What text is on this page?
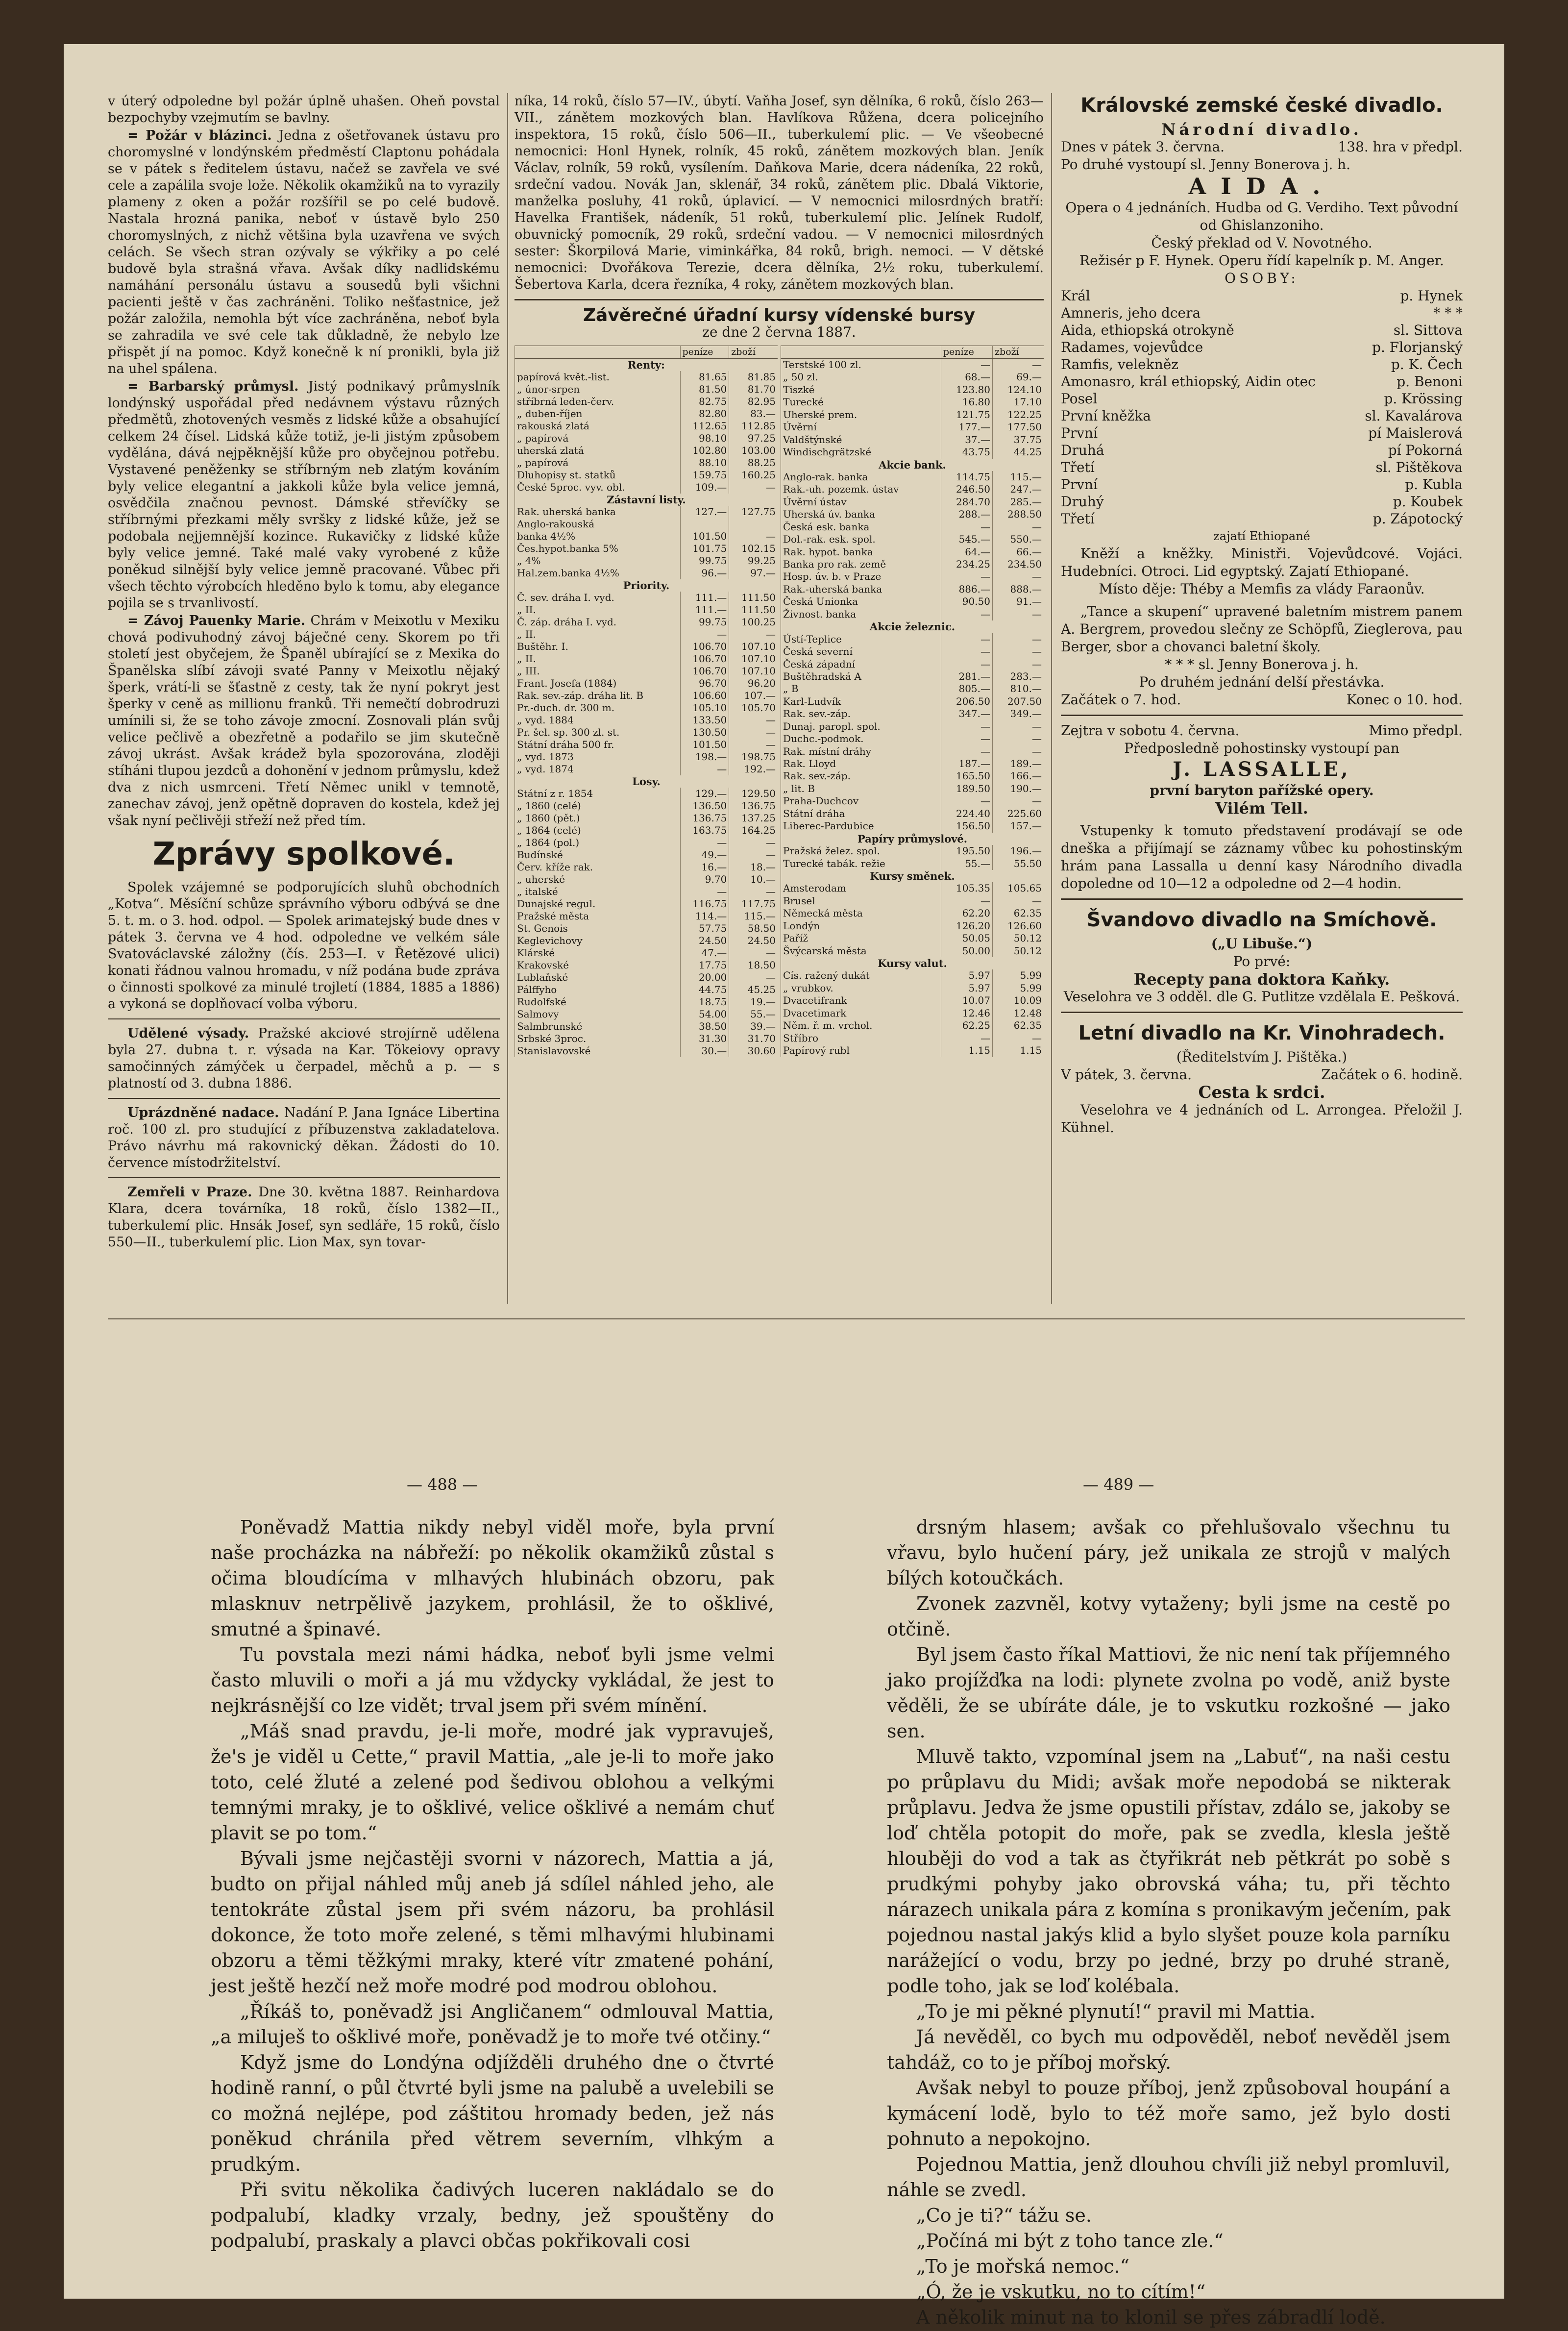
v úterý odpoledne byl požár úplně uhašen. Oheň povstal bezpochyby vzejmutím se bavlny.

= Požár v blázinci. Jedna z ošetřovanek ústavu pro choromyslné v londýnském předměstí Claptonu pohádala se v pátek s ředitelem ústavu, načež se zavřela ve své cele a zapálila svoje lože. Několik okamžiků na to vyrazily plameny z oken a požár rozšířil se po celé budově. Nastala hrozná panika, neboť v ústavě bylo 250 choromyslných, z nichž většina byla uzavřena ve svých celách. Se všech stran ozývaly se výkřiky a po celé budově byla strašná vřava. Avšak díky nadlidskému namáhání personálu ústavu a sousedů byli všichni pacienti ještě v čas zachráněni. Toliko nešťastnice, jež požár založila, nemohla být více zachráněna, neboť byla se zahradila ve své cele tak důkladně, že nebylo lze přispět jí na pomoc. Když konečně k ní pronikli, byla již na uhel spálena.

= Barbarský průmysl. Jistý podnikavý průmyslník londýnský uspořádal před nedávnem výstavu různých předmětů, zhotovených vesměs z lidské kůže a obsahující celkem 24 čísel. Lidská kůže totiž, je-li jistým způsobem vydělána, dává nejpěknější kůže pro obyčejnou potřebu. Vystavené peněženky se stříbrným neb zlatým kováním byly velice elegantní a jakkoli kůže byla velice jemná, osvědčila značnou pevnost. Dámské střevíčky se stříbrnými přezkami měly svršky z lidské kůže, jež se podobala nejjemnější kozince. Rukavičky z lidské kůže byly velice jemné. Také malé vaky vyrobené z kůže poněkud silnější byly velice jemně pracované. Vůbec při všech těchto výrobcích hleděno bylo k tomu, aby elegance pojila se s trvanlivostí.

= Závoj Pauenky Marie. Chrám v Meixotlu v Mexiku chová podivuhodný závoj báječné ceny. Skorem po tři století jest obyčejem, že Španěl ubírající se z Mexika do Španělska slíbí závoji svaté Panny v Meixotlu nějaký šperk, vrátí-li se šťastně z cesty, tak že nyní pokryt jest šperky v ceně as millionu franků. Tři nemečtí dobrodruzi umínili si, že se toho závoje zmocní. Zosnovali plán svůj velice pečlivě a obezřetně a podařilo se jim skutečně závoj ukrást. Avšak krádež byla spozorována, zloději stíháni tlupou jezdců a dohonění v jednom průmyslu, kdež dva z nich usmrceni. Třetí Němec unikl v temnotě, zanechav závoj, jenž opětně dopraven do kostela, kdež jej však nyní pečlivěji střeží než před tím.

Zprávy spolkové.

Spolek vzájemné se podporujících sluhů obchodních „Kotva“. Měsíční schůze správního výboru odbývá se dne 5. t. m. o 3. hod. odpol. — Spolek arimatejský bude dnes v pátek 3. června ve 4 hod. odpoledne ve velkém sále Svatováclavské záložny (čís. 253—I. v Řetězové ulici) konati řádnou valnou hromadu, v níž podána bude zpráva o činnosti spolkové za minulé trojletí (1884, 1885 a 1886) a vykoná se doplňovací volba výboru.

Udělené výsady. Pražské akciové strojírně udělena byla 27. dubna t. r. výsada na Kar. Tökeiovy opravy samočinných zámýček u čerpadel, měchů a p. — s platností od 3. dubna 1886.

Uprázdněné nadace. Nadání P. Jana Ignáce Libertina roč. 100 zl. pro studující z příbuzenstva zakladatelova. Právo návrhu má rakovnický děkan. Žádosti do 10. července místodržitelství.

Zemřeli v Praze. Dne 30. května 1887. Reinhardova Klara, dcera továrníka, 18 roků, číslo 1382—II., tuberkulemí plic. Hnsák Josef, syn sedláře, 15 roků, číslo 550—II., tuberkulemí plic. Lion Max, syn tovar-

níka, 14 roků, číslo 57—IV., úbytí. Vaňha Josef, syn dělníka, 6 roků, číslo 263—VII., zánětem mozkových blan. Havlíkova Růžena, dcera policejního inspektora, 15 roků, číslo 506—II., tuberkulemí plic. — Ve všeobecné nemocnici: Honl Hynek, rolník, 45 roků, zánětem mozkových blan. Jeník Václav, rolník, 59 roků, vysílením. Daňkova Marie, dcera nádeníka, 22 roků, srdeční vadou. Novák Jan, sklenář, 34 roků, zánětem plic. Dbalá Viktorie, manželka posluhy, 41 roků, úplavicí. — V nemocnici milosrdných bratří: Havelka František, nádeník, 51 roků, tuberkulemí plic. Jelínek Rudolf, obuvnický pomocník, 29 roků, srdeční vadou. — V nemocnici milosrdných sester: Škorpilová Marie, viminkářka, 84 roků, brigh. nemoci. — V dětské nemocnici: Dvořákova Terezie, dcera dělníka, 2½ roku, tuberkulemí. Šebertova Karla, dcera řezníka, 4 roky, zánětem mozkových blan.

Závěrečné úřadní kursy vídenské bursy
ze dne 2 června 1887.
	peníze	zboží
Renty:		
papírová květ.-list.	81.65	81.85
„ únor-srpen	81.50	81.70
stříbrná leden-červ.	82.75	82.95
„ duben-říjen	82.80	83.—
rakouská zlatá	112.65	112.85
„ papírová	98.10	97.25
uherská zlatá	102.80	103.00
„ papírová	88.10	88.25
Dluhopisy st. statků	159.75	160.25
České 5proc. vyv. obl.	109.—	—
Zástavní listy.		
Rak. uherská banka	127.—	127.75
Anglo-rakouská		
banka 4½%	101.50	—
Čes.hypot.banka 5%	101.75	102.15
„ 4%	99.75	99.25
Hal.zem.banka 4½%	96.—	97.—
Priority.		
Č. sev. dráha I. vyd.	111.—	111.50
„ II.	111.—	111.50
Č. záp. dráha I. vyd.	99.75	100.25
„ II.	—	—
Buštěhr. I.	106.70	107.10
„ II.	106.70	107.10
„ III.	106.70	107.10
Frant. Josefa (1884)	96.70	96.20
Rak. sev.-záp. dráha lit. B	106.60	107.—
Pr.-duch. dr. 300 m.	105.10	105.70
„ vyd. 1884	133.50	—
Pr. šel. sp. 300 zl. st.	130.50	—
Státní dráha 500 fr.	101.50	—
„ vyd. 1873	198.—	198.75
„ vyd. 1874	—	192.—
Losy.		
Státní z r. 1854	129.—	129.50
„ 1860 (celé)	136.50	136.75
„ 1860 (pět.)	136.75	137.25
„ 1864 (celé)	163.75	164.25
„ 1864 (pol.)	—	—
Budínské	49.—	—
Červ. kříže rak.	16.—	18.—
„ uherské	9.70	10.—
„ italské	—	—
Dunajské regul.	116.75	117.75
Pražské města	114.—	115.—
St. Genois	57.75	58.50
Keglevichovy	24.50	24.50
Klárské	47.—	—
Krakovské	17.75	18.50
Lublaňské	20.00	—
Pálffyho	44.75	45.25
Rudolfské	18.75	19.—
Salmovy	54.00	55.—
Salmbrunské	38.50	39.—
Srbské 3proc.	31.30	31.70
Stanislavovské	30.—	30.60
	peníze	zboží
Terstské 100 zl.	—	—
„ 50 zl.	68.—	69.—
Tiszké	123.80	124.10
Turecké	16.80	17.10
Uherské prem.	121.75	122.25
Úvěrní	177.—	177.50
Valdštýnské	37.—	37.75
Windischgrätzské	43.75	44.25
Akcie bank.		
Anglo-rak. banka	114.75	115.—
Rak.-uh. pozemk. ústav	246.50	247.—
Úvěrní ústav	284.70	285.—
Uherská úv. banka	288.—	288.50
Česká esk. banka	—	—
Dol.-rak. esk. spol.	545.—	550.—
Rak. hypot. banka	64.—	66.—
Banka pro rak. země	234.25	234.50
Hosp. úv. b. v Praze	—	—
Rak.-uherská banka	886.—	888.—
Česká Unionka	90.50	91.—
Živnost. banka	—	—
Akcie železnic.		
Ústí-Teplice	—	—
Česká severní	—	—
Česká západní	—	—
Buštěhradská A	281.—	283.—
„ B	805.—	810.—
Karl-Ludvík	206.50	207.50
Rak. sev.-záp.	347.—	349.—
Dunaj. paropl. spol.	—	—
Duchc.-podmok.	—	—
Rak. místní dráhy	—	—
Rak. Lloyd	187.—	189.—
Rak. sev.-záp.	165.50	166.—
„ lit. B	189.50	190.—
Praha-Duchcov	—	—
Státní dráha	224.40	225.60
Liberec-Pardubice	156.50	157.—
Papíry průmyslové.		
Pražská želez. spol.	195.50	196.—
Turecké tabák. režie	55.—	55.50
Kursy směnek.		
Amsterodam	105.35	105.65
Brusel	—	—
Německá města	62.20	62.35
Londýn	126.20	126.60
Paříž	50.05	50.12
Švýcarská města	50.00	50.12
Kursy valut.		
Cís. ražený dukát	5.97	5.99
„ vrubkov.	5.97	5.99
Dvacetifrank	10.07	10.09
Dvacetimark	12.46	12.48
Něm. ř. m. vrchol.	62.25	62.35
Stříbro	—	—
Papírový rubl	1.15	1.15
Královské zemské české divadlo.
Národní divadlo.
Dnes v pátek 3. června.	138. hra v předpl.
Po druhé vystoupí sl. Jenny Bonerova j. h.
AIDA.
Opera o 4 jednáních. Hudba od G. Verdiho. Text původní od Ghislanzoniho.
Český překlad od V. Novotného.
Režisér p F. Hynek. Operu řídí kapelník p. M. Anger.
OSOBY:
Král	p. Hynek
Amneris, jeho dcera	* * *
Aida, ethiopská otrokyně	sl. Sittova
Radames, vojevůdce	p. Florjanský
Ramfis, velekněz	p. K. Čech
Amonasro, král ethiopský, Aidin otec	p. Benoni
Posel	p. Krössing
První kněžka	sl. Kavalárova
První	pí Maislerová
Druhá	pí Pokorná
Třetí	sl. Pištěkova
První	p. Kubla
Druhý	p. Koubek
Třetí	p. Zápotocký
zajatí Ethiopané
Kněží a kněžky. Ministři. Vojevůdcové. Vojáci. Hudebníci. Otroci. Lid egyptský. Zajatí Ethiopané.
Místo děje: Théby a Memfis za vlády Faraonův.
„Tance a skupení“ upravené baletním mistrem panem A. Bergrem, provedou slečny ze Schöpfů, Zieglerova, pau Berger, sbor a chovanci baletní školy.
* * * sl. Jenny Bonerova j. h.
Po druhém jednání delší přestávka.
Začátek o 7. hod.	Konec o 10. hod.
Zejtra v sobotu 4. června.	Mimo předpl.
Předposledně pohostinsky vystoupí pan
J. LASSALLE,
první baryton pařížské opery.
Vilém Tell.
Vstupenky k tomuto představení prodávají se ode dneška a přijímají se záznamy vůbec ku pohostinským hrám pana Lassalla u denní kasy Národního divadla dopoledne od 10—12 a odpoledne od 2—4 hodin.
Švandovo divadlo na Smíchově.
(„U Libuše.“)
Po prvé:
Recepty pana doktora Kaňky.
Veselohra ve 3 odděl. dle G. Putlitze vzdělala E. Pešková.
Letní divadlo na Kr. Vinohradech.
(Ředitelstvím J. Pištěka.)
V pátek, 3. června.	Začátek o 6. hodině.
Cesta k srdci.
Veselohra ve 4 jednáních od L. Arrongea. Přeložil J. Kühnel.
— 488 —	— 489 —

Poněvadž Mattia nikdy nebyl viděl moře, byla první naše procházka na nábřeží: po několik okamžiků zůstal s očima bloudícíma v mlhavých hlubinách obzoru, pak mlasknuv netrpělivě jazykem, prohlásil, že to ošklivé, smutné a špinavé.

Tu povstala mezi námi hádka, neboť byli jsme velmi často mluvili o moři a já mu vždycky vykládal, že jest to nejkrásnější co lze vidět; trval jsem při svém mínění.

„Máš snad pravdu, je-li moře, modré jak vypravuješ, že's je viděl u Cette,“ pravil Mattia, „ale je-li to moře jako toto, celé žluté a zelené pod šedivou oblohou a velkými temnými mraky, je to ošklivé, velice ošklivé a nemám chuť plavit se po tom.“

Bývali jsme nejčastěji svorni v názorech, Mattia a já, budto on přijal náhled můj aneb já sdílel náhled jeho, ale tentokráte zůstal jsem při svém názoru, ba prohlásil dokonce, že toto moře zelené, s těmi mlhavými hlubinami obzoru a těmi těžkými mraky, které vítr zmatené pohání, jest ještě hezčí než moře modré pod modrou oblohou.

„Říkáš to, poněvadž jsi Angličanem“ odmlouval Mattia, „a miluješ to ošklivé moře, poněvadž je to moře tvé otčiny.“

Když jsme do Londýna odjížděli druhého dne o čtvrté hodině ranní, o půl čtvrté byli jsme na palubě a uvelebili se co možná nejlépe, pod záštitou hromady beden, jež nás poněkud chránila před větrem severním, vlhkým a prudkým.

Při svitu několika čadivých luceren nakládalo se do podpalubí, kladky vrzaly, bedny, jež spouštěny do podpalubí, praskaly a plavci občas pokřikovali cosi

drsným hlasem; avšak co přehlušovalo všechnu tu vřavu, bylo hučení páry, jež unikala ze strojů v malých bílých kotoučkách.

Zvonek zazvněl, kotvy vytaženy; byli jsme na cestě po otčině.

Byl jsem často říkal Mattiovi, že nic není tak příjemného jako projížďka na lodi: plynete zvolna po vodě, aniž byste věděli, že se ubíráte dále, je to vskutku rozkošné — jako sen.

Mluvě takto, vzpomínal jsem na „Labuť“, na naši cestu po průplavu du Midi; avšak moře nepodobá se nikterak průplavu. Jedva že jsme opustili přístav, zdálo se, jakoby se loď chtěla potopit do moře, pak se zvedla, klesla ještě hlouběji do vod a tak as čtyřikrát neb pětkrát po sobě s prudkými pohyby jako obrovská váha; tu, při těchto nárazech unikala pára z komína s pronikavým ječením, pak pojednou nastal jakýs klid a bylo slyšet pouze kola parníku narážející o vodu, brzy po jedné, brzy po druhé straně, podle toho, jak se loď kolébala.

„To je mi pěkné plynutí!“ pravil mi Mattia.

Já nevěděl, co bych mu odpověděl, neboť nevěděl jsem tahdáž, co to je příboj mořský.

Avšak nebyl to pouze příboj, jenž způsoboval houpání a kymácení lodě, bylo to též moře samo, jež bylo dosti pohnuto a nepokojno.

Pojednou Mattia, jenž dlouhou chvíli již nebyl promluvil, náhle se zvedl.

„Co je ti?“ tážu se.

„Počíná mi být z toho tance zle.“

„To je mořská nemoc.“

„Ó, že je vskutku, no to cítím!“

A několik minut na to klonil se přes zábradlí lodě.
